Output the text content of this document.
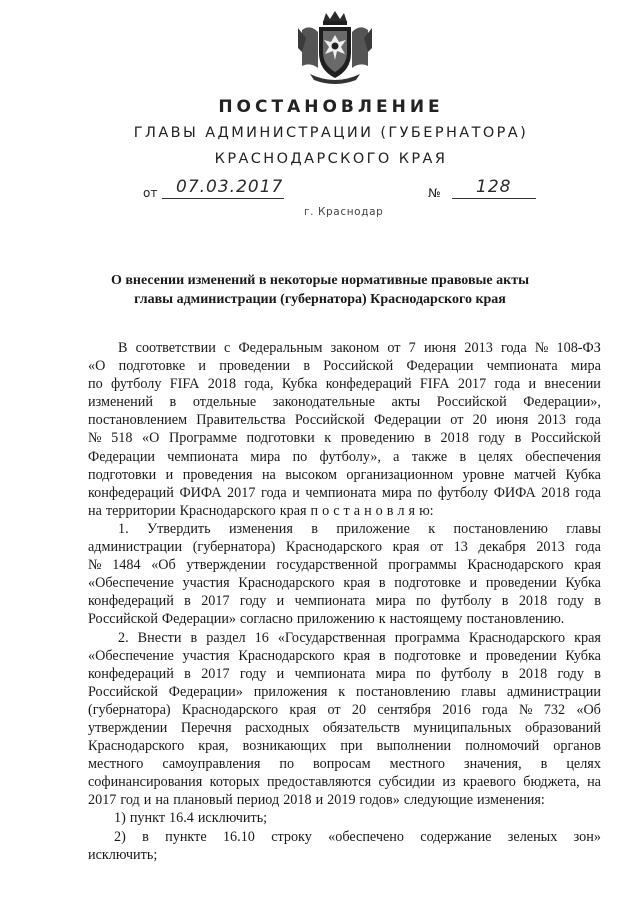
ПОСТАНОВЛЕНИЕ

ГЛАВЫ АДМИНИСТРАЦИИ (ГУБЕРНАТОРА)

КРАСНОДАРСКОГО КРАЯ

от 07.03.2017	№ 128
г. Краснодар
О внесении изменений в некоторые нормативные правовые акты
главы администрации (губернатора) Краснодарского края
В соответствии с Федеральным законом от 7 июня 2013 года № 108-ФЗ
«О подготовке и проведении в Российской Федерации чемпионата мира
по футболу FIFA 2018 года, Кубка конфедераций FIFA 2017 года и внесении
изменений в отдельные законодательные акты Российской Федерации»,
постановлением Правительства Российской Федерации от 20 июня 2013 года
№ 518 «О Программе подготовки к проведению в 2018 году в Российской
Федерации чемпионата мира по футболу», а также в целях обеспечения
подготовки и проведения на высоком организационном уровне матчей Кубка
конфедераций ФИФА 2017 года и чемпионата мира по футболу ФИФА 2018 года
на территории Краснодарского края п о с т а н о в л я ю:
1. Утвердить изменения в приложение к постановлению главы
администрации (губернатора) Краснодарского края от 13 декабря 2013 года
№ 1484 «Об утверждении государственной программы Краснодарского края
«Обеспечение участия Краснодарского края в подготовке и проведении Кубка
конфедераций в 2017 году и чемпионата мира по футболу в 2018 году в
Российской Федерации» согласно приложению к настоящему постановлению.
2. Внести в раздел 16 «Государственная программа Краснодарского края
«Обеспечение участия Краснодарского края в подготовке и проведении Кубка
конфедераций в 2017 году и чемпионата мира по футболу в 2018 году в
Российской Федерации» приложения к постановлению главы администрации
(губернатора) Краснодарского края от 20 сентября 2016 года № 732 «Об
утверждении Перечня расходных обязательств муниципальных образований
Краснодарского края, возникающих при выполнении полномочий органов
местного самоуправления по вопросам местного значения, в целях
софинансирования которых предоставляются субсидии из краевого бюджета, на
2017 год и на плановый период 2018 и 2019 годов» следующие изменения:
1) пункт 16.4 исключить;
2) в пункте 16.10 строку «обеспечено содержание зеленых зон»
исключить;
